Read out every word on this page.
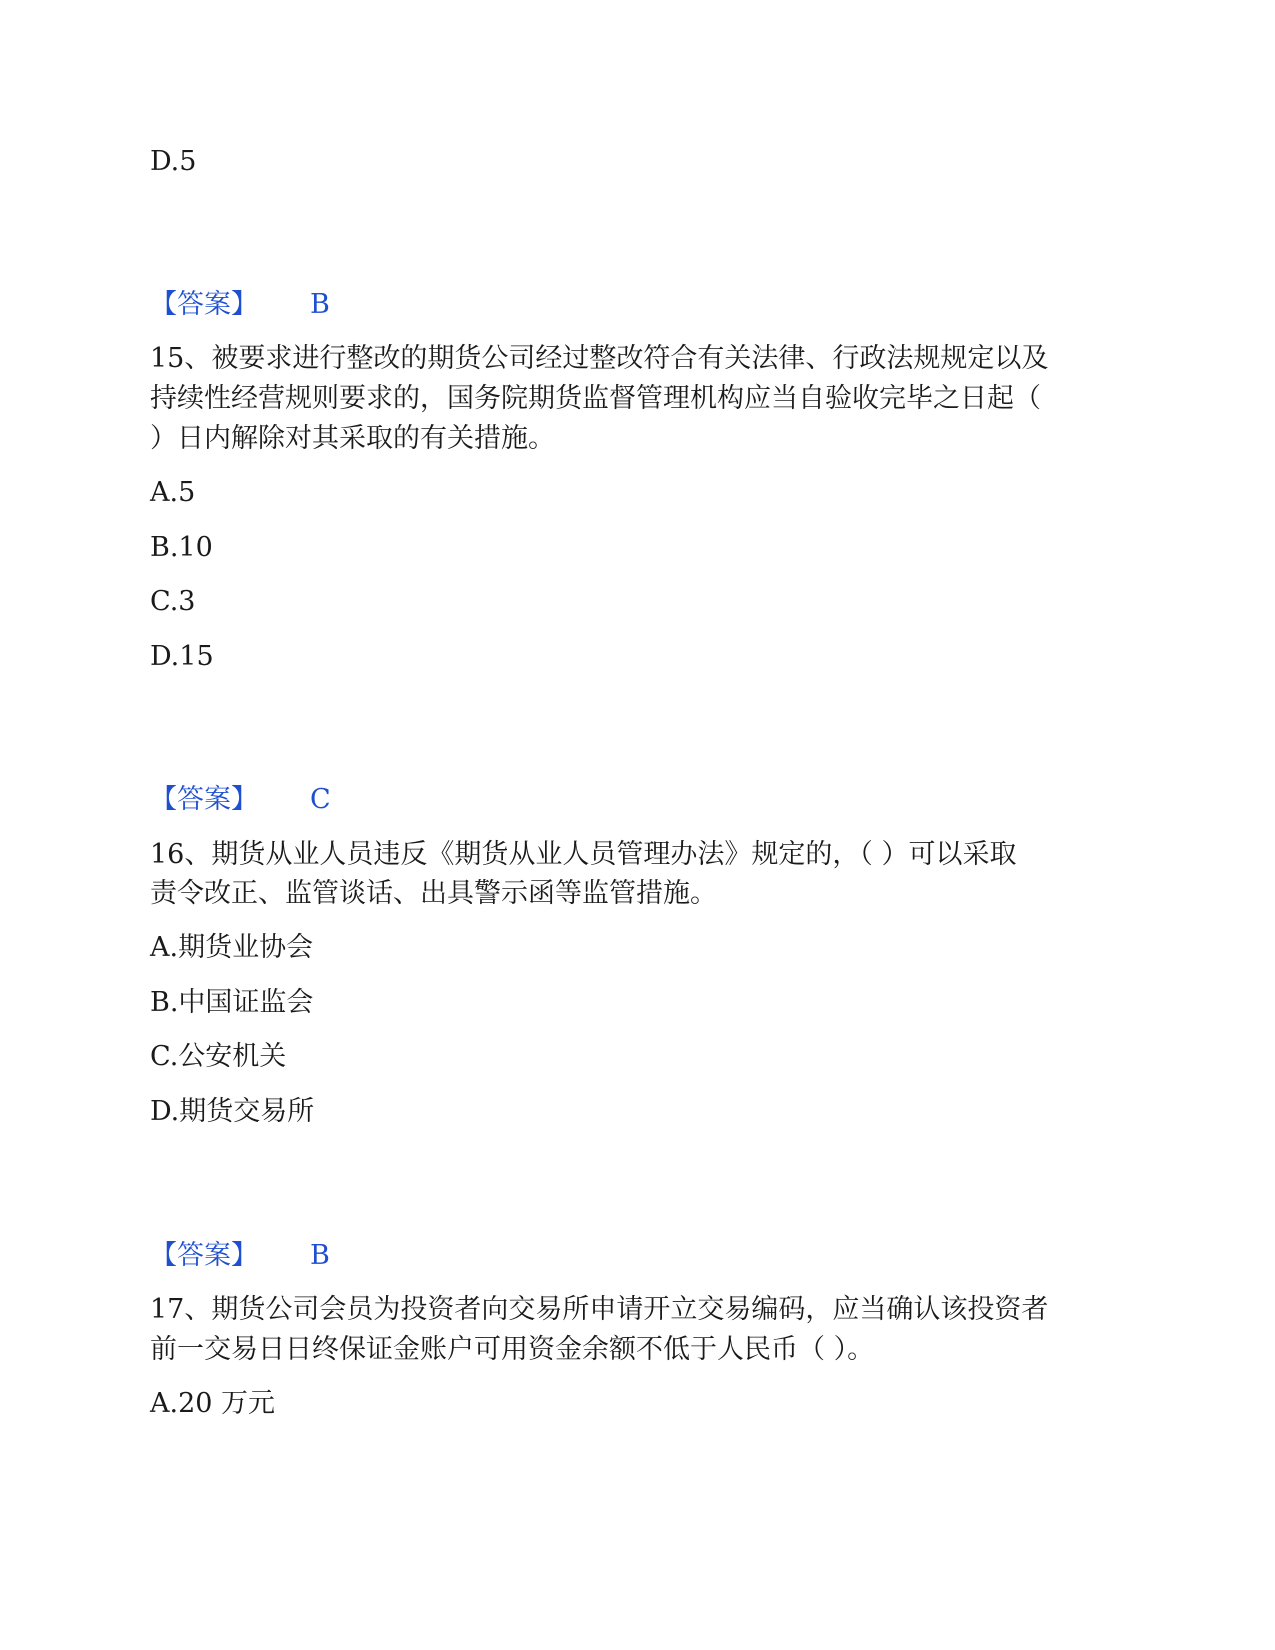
D.5
【答案】 B
15、被要求进行整改的期货公司经过整改符合有关法律、行政法规规定以及
持续性经营规则要求的，国务院期货监督管理机构应当自验收完毕之日起（
）日内解除对其采取的有关措施。
A.5
B.10
C.3
D.15
【答案】 C
16、期货从业人员违反《期货从业人员管理办法》规定的，（ ）可以采取
责令改正、监管谈话、出具警示函等监管措施。
A.期货业协会
B.中国证监会
C.公安机关
D.期货交易所
【答案】 B
17、期货公司会员为投资者向交易所申请开立交易编码，应当确认该投资者
前一交易日日终保证金账户可用资金余额不低于人民币（ ）。
A.20 万元
